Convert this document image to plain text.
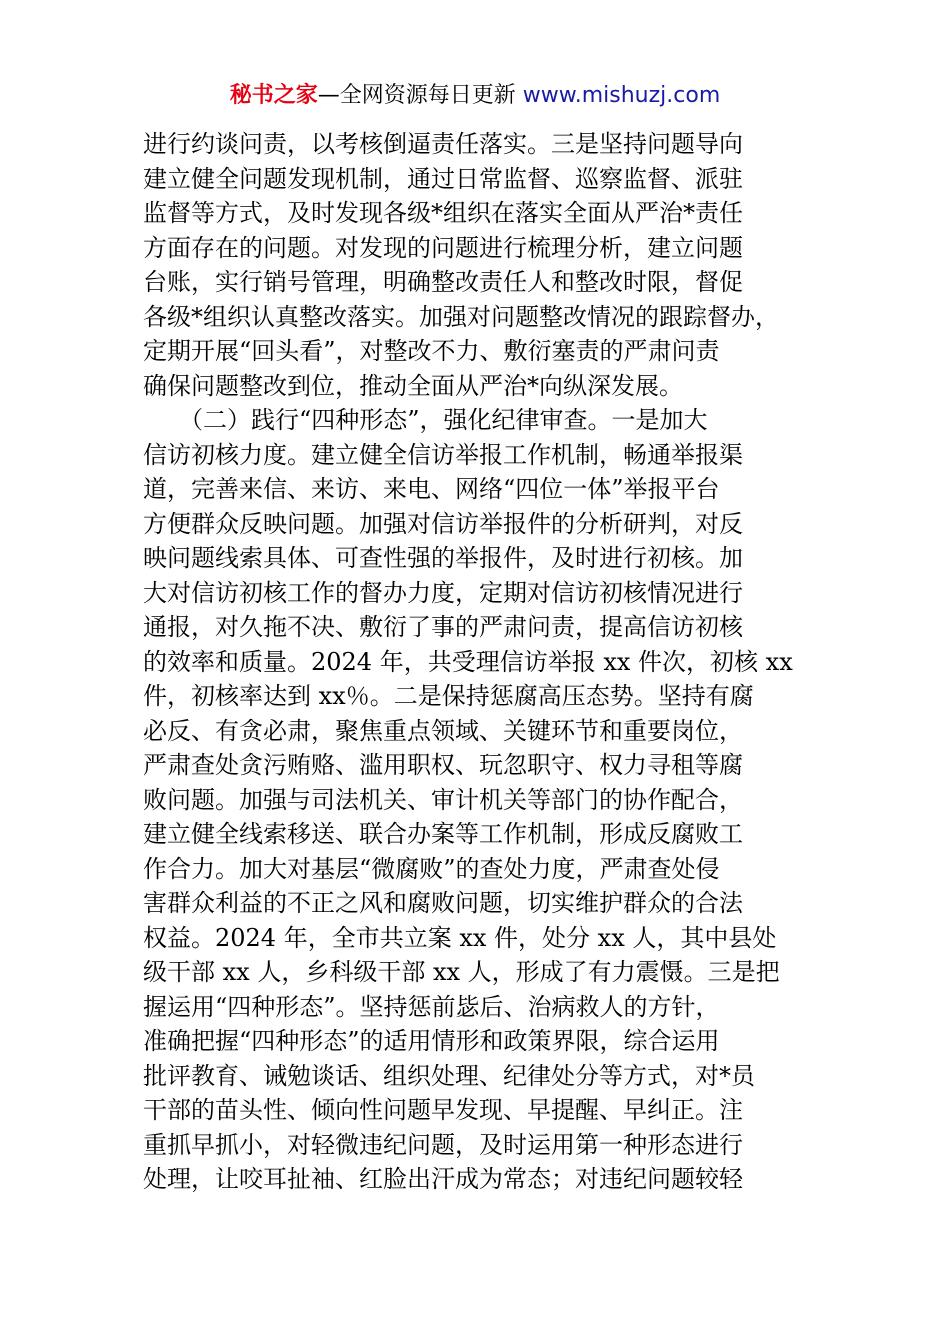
秘书之家—全网资源每日更新 www.mishuzj.com
进行约谈问责，以考核倒逼责任落实。三是坚持问题导向
建立健全问题发现机制，通过日常监督、巡察监督、派驻
监督等方式，及时发现各级*组织在落实全面从严治*责任
方面存在的问题。对发现的问题进行梳理分析，建立问题
台账，实行销号管理，明确整改责任人和整改时限，督促
各级*组织认真整改落实。加强对问题整改情况的跟踪督办，
定期开展“回头看”，对整改不力、敷衍塞责的严肃问责
确保问题整改到位，推动全面从严治*向纵深发展。
　　（二）践行“四种形态”，强化纪律审查。一是加大
信访初核力度。建立健全信访举报工作机制，畅通举报渠
道，完善来信、来访、来电、网络“四位一体”举报平台
方便群众反映问题。加强对信访举报件的分析研判，对反
映问题线索具体、可查性强的举报件，及时进行初核。加
大对信访初核工作的督办力度，定期对信访初核情况进行
通报，对久拖不决、敷衍了事的严肃问责，提高信访初核
的效率和质量。2024 年，共受理信访举报 xx 件次，初核 xx
件，初核率达到 xx％。二是保持惩腐高压态势。坚持有腐
必反、有贪必肃，聚焦重点领域、关键环节和重要岗位，
严肃查处贪污贿赂、滥用职权、玩忽职守、权力寻租等腐
败问题。加强与司法机关、审计机关等部门的协作配合，
建立健全线索移送、联合办案等工作机制，形成反腐败工
作合力。加大对基层“微腐败”的查处力度，严肃查处侵
害群众利益的不正之风和腐败问题，切实维护群众的合法
权益。2024 年，全市共立案 xx 件，处分 xx 人，其中县处
级干部 xx 人，乡科级干部 xx 人，形成了有力震慑。三是把
握运用“四种形态”。坚持惩前毖后、治病救人的方针，
准确把握“四种形态”的适用情形和政策界限，综合运用
批评教育、诫勉谈话、组织处理、纪律处分等方式，对*员
干部的苗头性、倾向性问题早发现、早提醒、早纠正。注
重抓早抓小，对轻微违纪问题，及时运用第一种形态进行
处理，让咬耳扯袖、红脸出汗成为常态；对违纪问题较轻
